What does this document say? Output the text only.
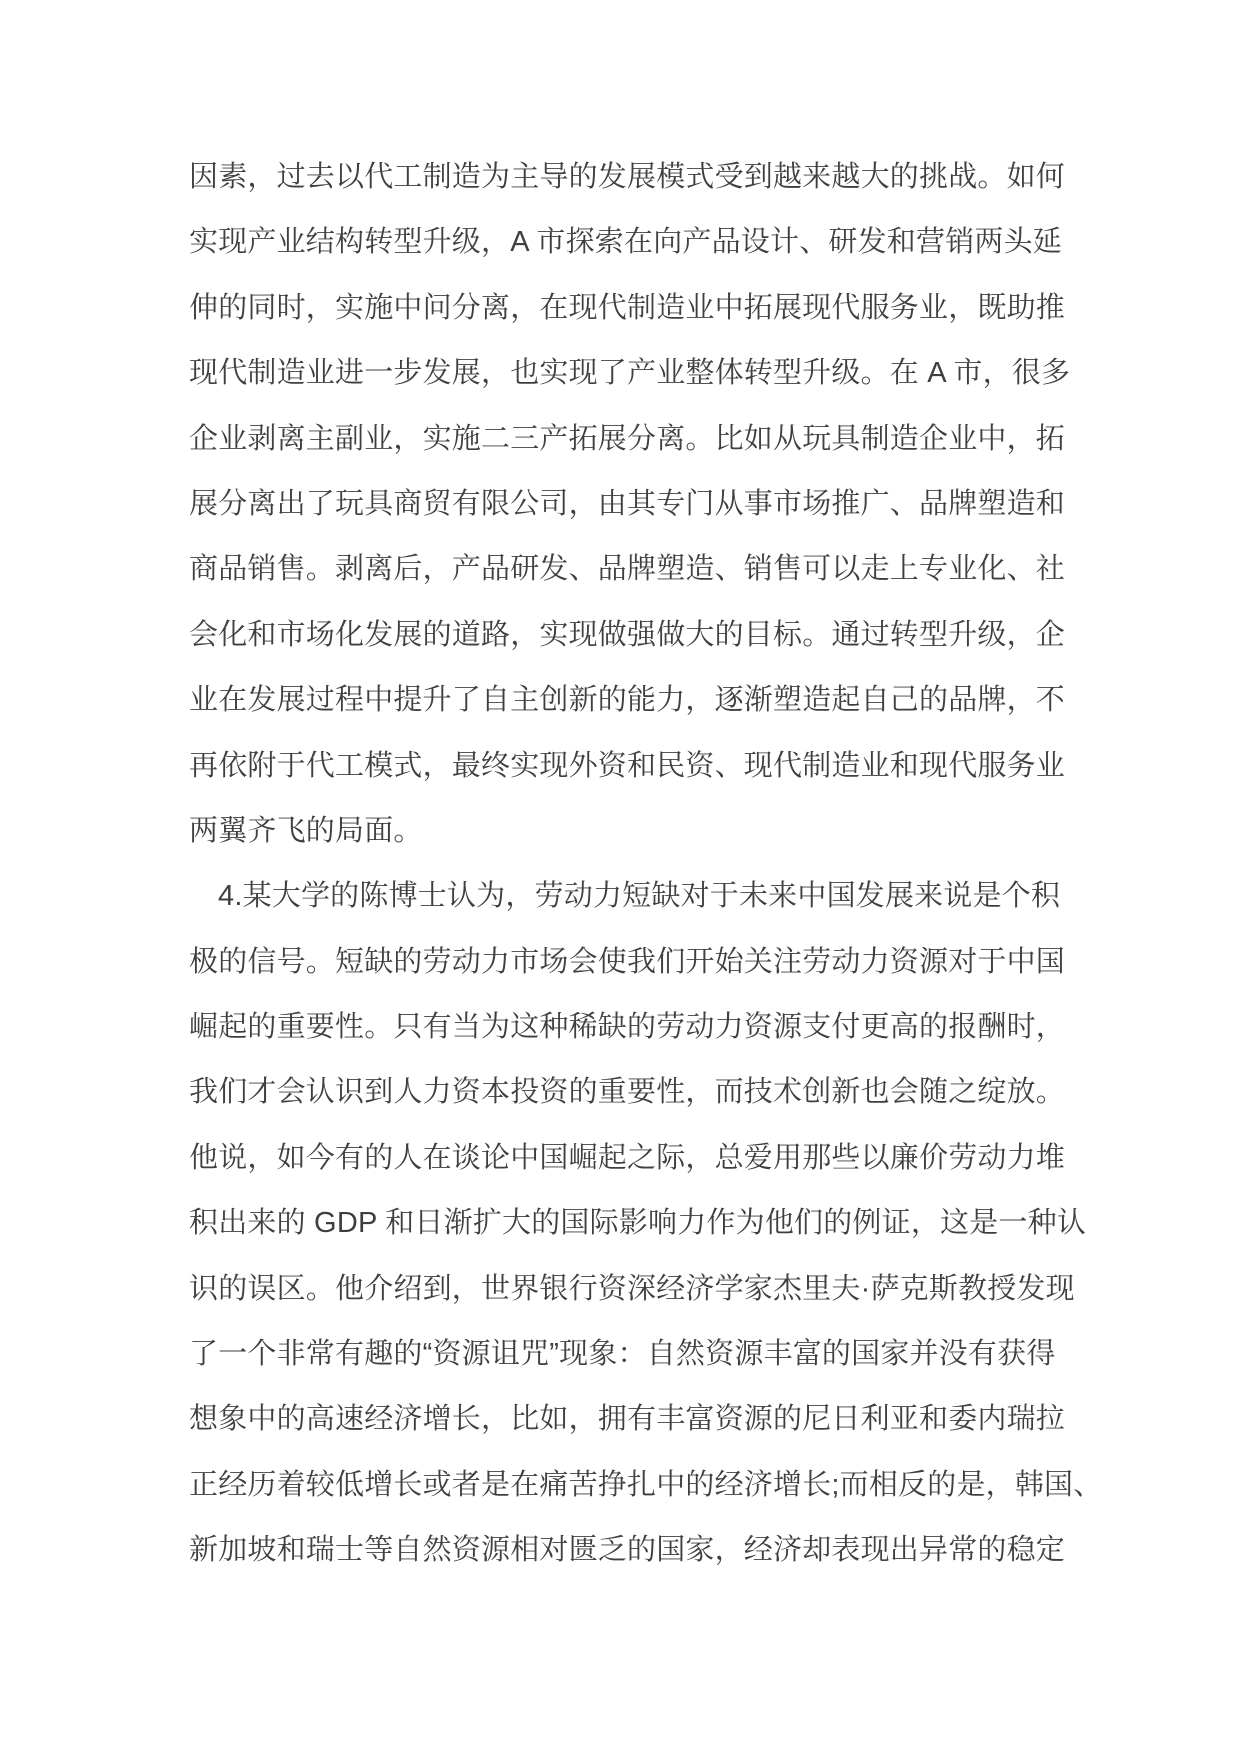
因素，过去以代工制造为主导的发展模式受到越来越大的挑战。如何
实现产业结构转型升级，A 市探索在向产品设计、研发和营销两头延
伸的同时，实施中问分离，在现代制造业中拓展现代服务业，既助推
现代制造业进一步发展，也实现了产业整体转型升级。在 A 市，很多
企业剥离主副业，实施二三产拓展分离。比如从玩具制造企业中，拓
展分离出了玩具商贸有限公司，由其专门从事市场推广、品牌塑造和
商品销售。剥离后，产品研发、品牌塑造、销售可以走上专业化、社
会化和市场化发展的道路，实现做强做大的目标。通过转型升级，企
业在发展过程中提升了自主创新的能力，逐渐塑造起自己的品牌，不
再依附于代工模式，最终实现外资和民资、现代制造业和现代服务业
两翼齐飞的局面。
4.某大学的陈博士认为，劳动力短缺对于未来中国发展来说是个积
极的信号。短缺的劳动力市场会使我们开始关注劳动力资源对于中国
崛起的重要性。只有当为这种稀缺的劳动力资源支付更高的报酬时，
我们才会认识到人力资本投资的重要性，而技术创新也会随之绽放。
他说，如今有的人在谈论中国崛起之际，总爱用那些以廉价劳动力堆
积出来的 GDP 和日渐扩大的国际影响力作为他们的例证，这是一种认
识的误区。他介绍到，世界银行资深经济学家杰里夫·萨克斯教授发现
了一个非常有趣的“资源诅咒”现象：自然资源丰富的国家并没有获得
想象中的高速经济增长，比如，拥有丰富资源的尼日利亚和委内瑞拉
正经历着较低增长或者是在痛苦挣扎中的经济增长;而相反的是，韩国、
新加坡和瑞士等自然资源相对匮乏的国家，经济却表现出异常的稳定
